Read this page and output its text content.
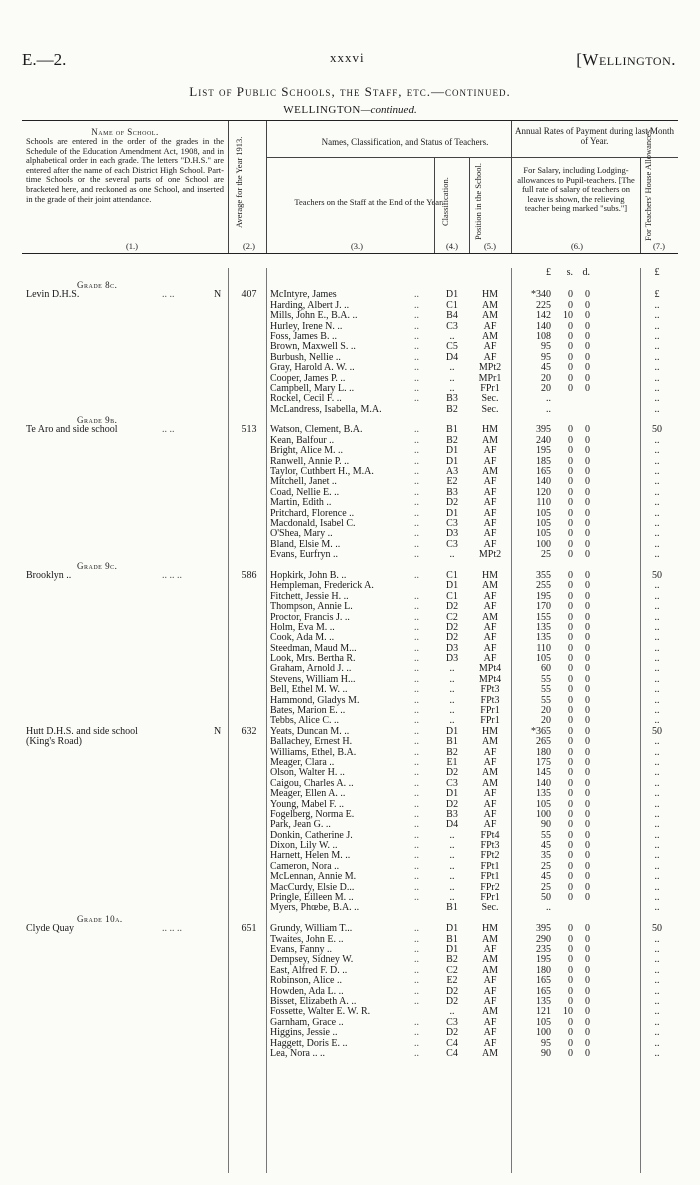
E.—2.	xxxvi	[Wellington.
List of Public Schools, the Staff, etc.—continued.
WELLINGTON—continued.
Name of School.
Schools are entered in the order of the grades in the Schedule of the Education Amendment Act, 1908, and in alphabetical order in each grade. The letters "D.H.S." are entered after the name of each District High School. Part-time Schools or the several parts of one School are bracketed here, and reckoned as one School, and inserted in the grade of their joint attendance.
(1.)
Average for the Year 1913.
(2.)
Names, Classification, and Status of Teachers.
Teachers on the Staff at the End of the Year.
(3.)
Classification.
(4.)
Position in the School.
(5.)
Annual Rates of Payment during last Month of Year.
For Salary, including Lodging-allowances to Pupil-teachers. [The full rate of salary of teachers on leave is shown, the relieving teacher being marked "subs."]
(6.)
For Teachers' House Allowances.
(7.)
£	s. d.	£
Grade 8c.
Levin D.H.S.	.. ..	N	407	McIntyre, James	..	D1	HM	*340	0	0	£
Harding, Albert J. ..	..	C1	AM	225	0	0	..
Mills, John E., B.A. ..	..	B4	AM	142	10	0	..
Hurley, Irene N. ..	..	C3	AF	140	0	0	..
Foss, James B. ..	..	..	AM	108	0	0	..
Brown, Maxwell S. ..	..	C5	AF	95	0	0	..
Burbush, Nellie ..	..	D4	AF	95	0	0	..
Gray, Harold A. W. ..	..	..	MPt2	45	0	0	..
Cooper, James P. ..	..	..	MPr1	20	0	0	..
Campbell, Mary L. ..	..	..	FPr1	20	0	0	..
Rockel, Cecil F. ..	..	B3	Sec.	..	..
McLandress, Isabella, M.A.	B2	Sec.	..	..
Grade 9b.
Te Aro and side school	.. ..	513	Watson, Clement, B.A.	..	B1	HM	395	0	0	50
Kean, Balfour ..	..	B2	AM	240	0	0	..
Bright, Alice M. ..	..	D1	AF	195	0	0	..
Ranwell, Annie P. ..	..	D1	AF	185	0	0	..
Taylor, Cuthbert H., M.A.	..	A3	AM	165	0	0	..
Mitchell, Janet ..	..	E2	AF	140	0	0	..
Coad, Nellie E. ..	..	B3	AF	120	0	0	..
Martin, Edith ..	..	D2	AF	110	0	0	..
Pritchard, Florence ..	..	D1	AF	105	0	0	..
Macdonald, Isabel C.	..	C3	AF	105	0	0	..
O'Shea, Mary ..	..	D3	AF	105	0	0	..
Bland, Elsie M. ..	..	C3	AF	100	0	0	..
Evans, Eurfryn ..	..	..	MPt2	25	0	0	..
Grade 9c.
Brooklyn ..	.. .. ..	586	Hopkirk, John B. ..	..	C1	HM	355	0	0	50
Hempleman, Frederick A.	D1	AM	255	0	0	..
Fitchett, Jessie H. ..	..	C1	AF	195	0	0	..
Thompson, Annie L.	..	D2	AF	170	0	0	..
Proctor, Francis J. ..	..	C2	AM	155	0	0	..
Holm, Eva M. ..	..	D2	AF	135	0	0	..
Cook, Ada M. ..	..	D2	AF	135	0	0	..
Steedman, Maud M...	..	D3	AF	110	0	0	..
Look, Mrs. Bertha R.	..	D3	AF	105	0	0	..
Graham, Arnold J. ..	..	..	MPt4	60	0	0	..
Stevens, William H...	..	..	MPt4	55	0	0	..
Bell, Ethel M. W. ..	..	..	FPt3	55	0	0	..
Hammond, Gladys M.	..	..	FPt3	55	0	0	..
Bates, Marion E. ..	..	..	FPr1	20	0	0	..
Tebbs, Alice C. ..	..	..	FPr1	20	0	0	..
Hutt D.H.S. and side school	N	632	Yeats, Duncan M. ..	..	D1	HM	*365	0	0	50
(King's Road)	Ballachey, Ernest H.	..	B1	AM	265	0	0	..
Williams, Ethel, B.A.	..	B2	AF	180	0	0	..
Meager, Clara ..	..	E1	AF	175	0	0	..
Olson, Walter H. ..	..	D2	AM	145	0	0	..
Caigou, Charles A. ..	..	C3	AM	140	0	0	..
Meager, Ellen A. ..	..	D1	AF	135	0	0	..
Young, Mabel F. ..	..	D2	AF	105	0	0	..
Fogelberg, Norma E.	..	B3	AF	100	0	0	..
Park, Jean G. ..	..	D4	AF	90	0	0	..
Donkin, Catherine J.	..	..	FPt4	55	0	0	..
Dixon, Lily W. ..	..	..	FPt3	45	0	0	..
Harnett, Helen M. ..	..	..	FPt2	35	0	0	..
Cameron, Nora ..	..	..	FPt1	25	0	0	..
McLennan, Annie M.	..	..	FPt1	45	0	0	..
MacCurdy, Elsie D...	..	..	FPr2	25	0	0	..
Pringle, Eilleen M. ..	..	..	FPr1	50	0	0	..
Myers, Phœbe, B.A. ..	B1	Sec.	..	..
Grade 10a.
Clyde Quay	.. .. ..	651	Grundy, William T...	..	D1	HM	395	0	0	50
Twaites, John E. ..	..	B1	AM	290	0	0	..
Evans, Fanny ..	..	D1	AF	235	0	0	..
Dempsey, Sidney W.	..	B2	AM	195	0	0	..
East, Alfred F. D. ..	..	C2	AM	180	0	0	..
Robinson, Alice ..	..	E2	AF	165	0	0	..
Howden, Ada L. ..	..	D2	AF	165	0	0	..
Bisset, Elizabeth A. ..	..	D2	AF	135	0	0	..
Fossette, Walter E. W. R.	..	AM	121	10	0	..
Garnham, Grace ..	..	C3	AF	105	0	0	..
Higgins, Jessie ..	..	D2	AF	100	0	0	..
Haggett, Doris E. ..	..	C4	AF	95	0	0	..
Lea, Nora .. ..	..	C4	AM	90	0	0	..
